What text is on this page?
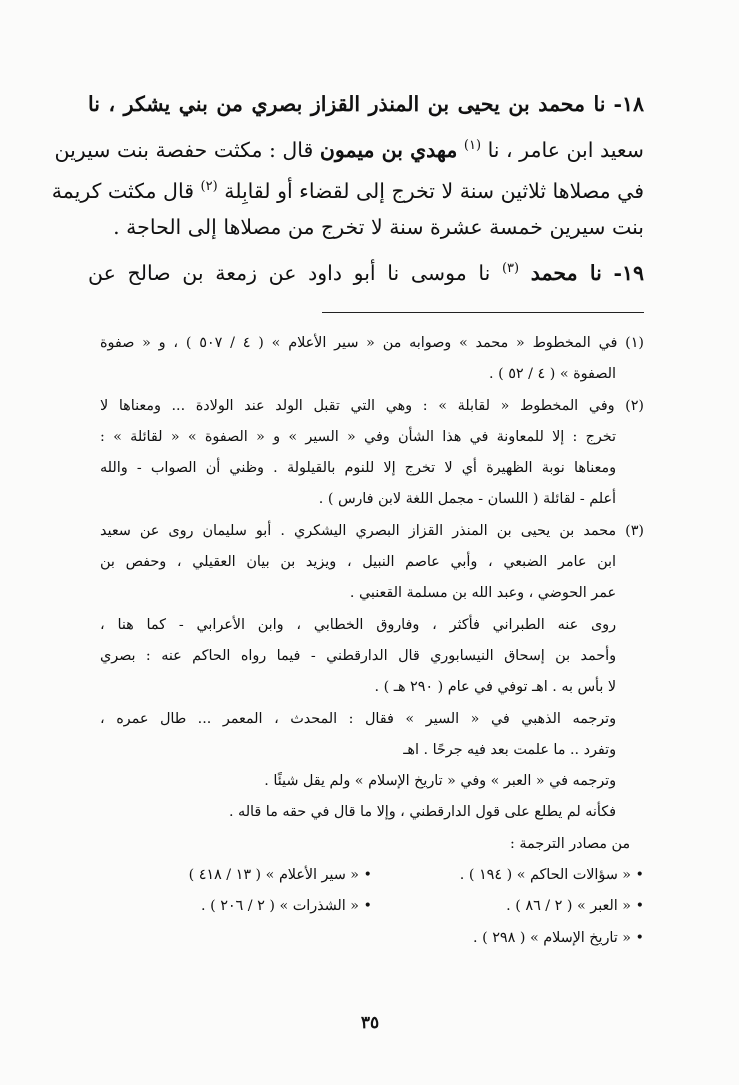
١٨- نا محمد بن يحيى بن المنذر القزاز بصري من بني يشكر ، نا
سعيد ابن عامر ، نا $^{(١)}$ مهدي بن ميمون قال : مكثت حفصة بنت سيرين
في مصلاها ثلاثين سنة لا تخرج إلى لقضاء أو لقابِلة $^{(٢)}$ قال مكثت كريمة
بنت سيرين خمسة عشرة سنة لا تخرج من مصلاها إلى الحاجة .
١٩- نا محمد $^{(٣)}$ نا موسى نا أبو داود عن زمعة بن صالح عن
(١) في المخطوط « محمد » وصوابه من « سير الأعلام » ( ٤ / ٥٠٧ ) ، و « صفوة
الصفوة » ( ٤ / ٥٢ ) .
(٢) وفي المخطوط « لقابلة » : وهي التي تقبل الولد عند الولادة ... ومعناها لا
تخرج : إلا للمعاونة في هذا الشأن وفي « السير » و « الصفوة » « لقائلة » :
ومعناها نوبة الظهيرة أي لا تخرج إلا للنوم بالقيلولة . وظني أن الصواب - والله
أعلم - لقائلة ( اللسان - مجمل اللغة لابن فارس ) .
(٣) محمد بن يحيى بن المنذر القزاز البصري اليشكري . أبو سليمان روى عن سعيد
ابن عامر الضبعي ، وأبي عاصم النبيل ، ويزيد بن بيان العقيلي ، وحفص بن
عمر الحوضي ، وعبد الله بن مسلمة القعنبي .
روى عنه الطبراني فأكثر ، وفاروق الخطابي ، وابن الأعرابي - كما هنا ،
وأحمد بن إسحاق النيسابوري قال الدارقطني - فيما رواه الحاكم عنه : بصري
لا بأس به . اهـ توفي في عام ( ٢٩٠ هـ ) .
وترجمه الذهبي في « السير » فقال : المحدث ، المعمر ... طال عمره ،
وتفرد .. ما علمت بعد فيه جرحًا . اهـ
وترجمه في « العبر » وفي « تاريخ الإسلام » ولم يقل شيئًا .
فكأنه لم يطلع على قول الدارقطني ، وإلا ما قال في حقه ما قاله .
من مصادر الترجمة :
• « سؤالات الحاكم » ( ١٩٤ ) .
• « سير الأعلام » ( ١٣ / ٤١٨ )
• « العبر » ( ٢ / ٨٦ ) .
• « الشذرات » ( ٢ / ٢٠٦ ) .
• « تاريخ الإسلام » ( ٢٩٨ ) .
٣٥
